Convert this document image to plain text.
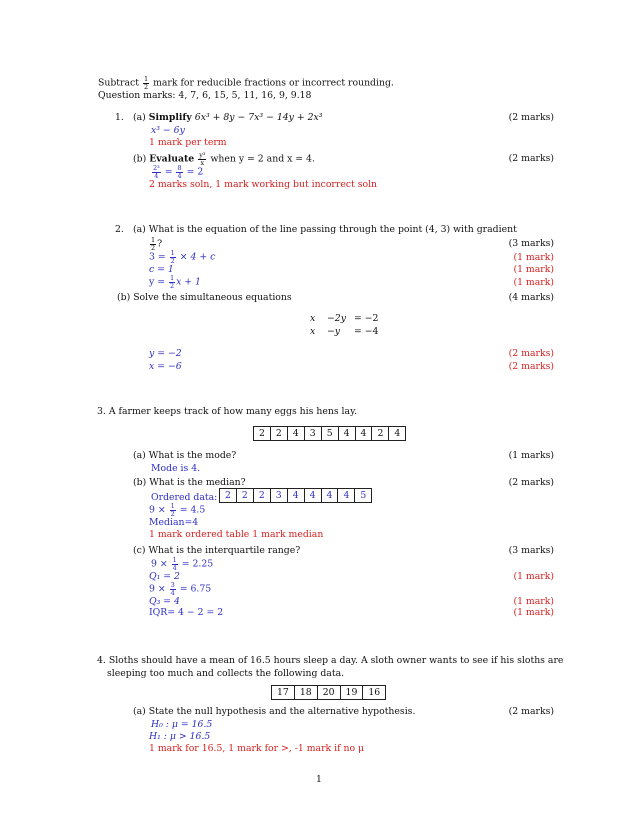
Subtract $\frac{1}{2}$ mark for reducible fractions or incorrect rounding.
Question marks: 4, 7, 6, 15, 5, 11, 16, 9, 9.18
1. (a) Simplify 6x³ + 8y − 7x³ − 14y + 2x³	(2 marks)
x³ − 6y
1 mark per term
(b) Evaluate $\frac{\text{y³}}{x}$ when y = 2 and x = 4.	(2 marks)
$\frac{\text{2³}}{4} = \frac{8}{4} = 2$
2 marks soln, 1 mark working but incorrect soln
2. (a) What is the equation of the line passing through the point (4, 3) with gradient
$\frac{1}{2}$ ?	(3 marks)
$3 = \frac{1}{2} \times 4 + c$	(1 mark)
c = 1	(1 mark)
$y = \frac{1}{2}$ x + 1	(1 mark)
(b) Solve the simultaneous equations	(4 marks)
x −2y = −2
x −y = −4
y = −2	(2 marks)
x = −6	(2 marks)
3. A farmer keeps track of how many eggs his hens lay.
2	2	4	3	5	4	4	2	4
(a) What is the mode?	(1 marks)
Mode is 4.
(b) What is the median?	(2 marks)
Ordered data: 2	2	2	3	4	4	4	4	5
$9 \times \frac{1}{2} = 4.5$
Median=4
1 mark ordered table 1 mark median
(c) What is the interquartile range?	(3 marks)
$9 \times \frac{1}{4} = 2.25$
Q₁ = 2	(1 mark)
$9 \times \frac{3}{4} = 6.75$
Q₃ = 4	(1 mark)
IQR= 4 − 2 = 2	(1 mark)
4. Sloths should have a mean of 16.5 hours sleep a day. A sloth owner wants to see if his sloths are
sleeping too much and collects the following data.
17	18	20	19	16
(a) State the null hypothesis and the alternative hypothesis.	(2 marks)
H₀ : μ = 16.5
H₁ : μ > 16.5
1 mark for 16.5, 1 mark for >, -1 mark if no μ
1
